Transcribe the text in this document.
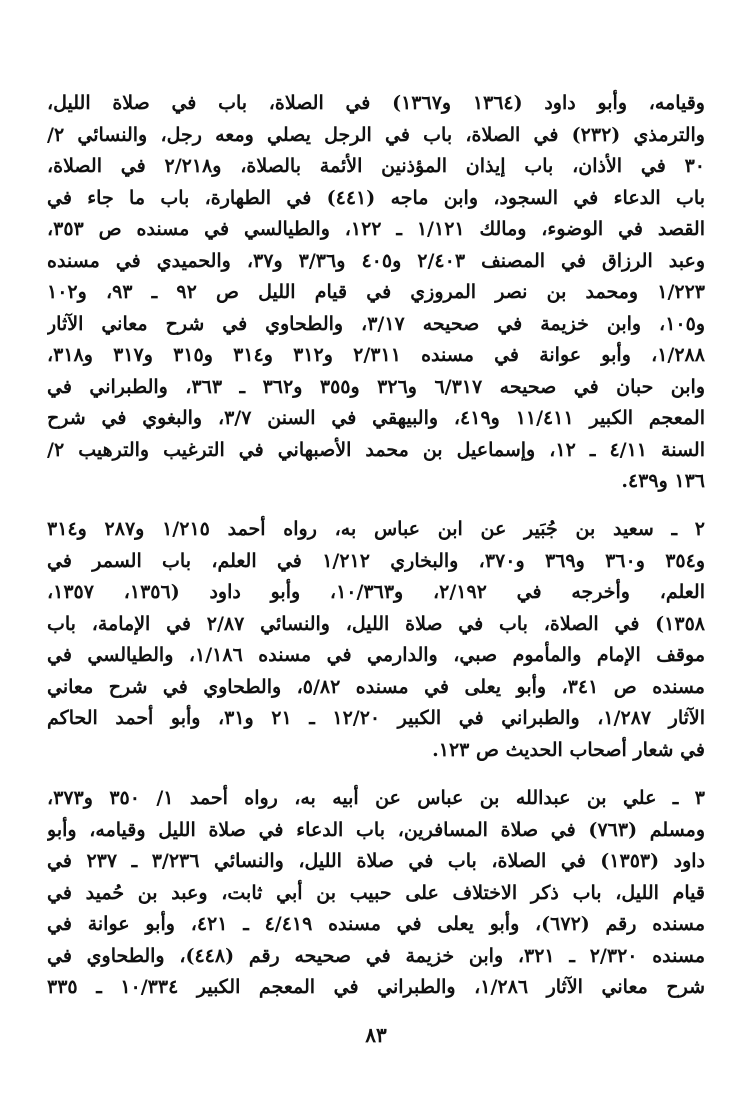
وقيامه، وأبو داود (١٣٦٤ و١٣٦٧) في الصلاة، باب في صلاة الليل،
والترمذي (٢٣٢) في الصلاة، باب في الرجل يصلي ومعه رجل، والنسائي ٢/
٣٠ في الأذان، باب إيذان المؤذنين الأئمة بالصلاة، و٢/٢١٨ في الصلاة،
باب الدعاء في السجود، وابن ماجه (٤٤١) في الطهارة، باب ما جاء في
القصد في الوضوء، ومالك ١/١٢١ ـ ١٢٢، والطيالسي في مسنده ص ٣٥٣،
وعبد الرزاق في المصنف ٢/٤٠٣ و٤٠٥ و٣/٣٦ و٣٧، والحميدي في مسنده
١/٢٢٣ ومحمد بن نصر المروزي في قيام الليل ص ٩٢ ـ ٩٣، و١٠٢
و١٠٥، وابن خزيمة في صحيحه ٣/١٧، والطحاوي في شرح معاني الآثار
١/٢٨٨، وأبو عوانة في مسنده ٢/٣١١ و٣١٢ و٣١٤ و٣١٥ و٣١٧ و٣١٨،
وابن حبان في صحيحه ٦/٣١٧ و٣٢٦ و٣٥٥ و٣٦٢ ـ ٣٦٣، والطبراني في
المعجم الكبير ١١/٤١١ و٤١٩، والبيهقي في السنن ٣/٧، والبغوي في شرح
السنة ٤/١١ ـ ١٢، وإسماعيل بن محمد الأصبهاني في الترغيب والترهيب ٢/
١٣٦ و٤٣٩.
٢ ـ سعيد بن جُبَير عن ابن عباس به، رواه أحمد ١/٢١٥ و٢٨٧ و٣١٤
و٣٥٤ و٣٦٠ و٣٦٩ و٣٧٠، والبخاري ١/٢١٢ في العلم، باب السمر في
العلم، وأخرجه في ٢/١٩٢، و١٠/٣٦٣، وأبو داود (١٣٥٦، ١٣٥٧،
١٣٥٨) في الصلاة، باب في صلاة الليل، والنسائي ٢/٨٧ في الإمامة، باب
موقف الإمام والمأموم صبي، والدارمي في مسنده ١/١٨٦، والطيالسي في
مسنده ص ٣٤١، وأبو يعلى في مسنده ٥/٨٢، والطحاوي في شرح معاني
الآثار ١/٢٨٧، والطبراني في الكبير ١٢/٢٠ ـ ٢١ و٣١، وأبو أحمد الحاكم
في شعار أصحاب الحديث ص ١٢٣.
٣ ـ علي بن عبدالله بن عباس عن أبيه به، رواه أحمد ١/ ٣٥٠ و٣٧٣،
ومسلم (٧٦٣) في صلاة المسافرين، باب الدعاء في صلاة الليل وقيامه، وأبو
داود (١٣٥٣) في الصلاة، باب في صلاة الليل، والنسائي ٣/٢٣٦ ـ ٢٣٧ في
قيام الليل، باب ذكر الاختلاف على حبيب بن أبي ثابت، وعبد بن حُميد في
مسنده رقم (٦٧٢)، وأبو يعلى في مسنده ٤/٤١٩ ـ ٤٢١، وأبو عوانة في
مسنده ٢/٣٢٠ ـ ٣٢١، وابن خزيمة في صحيحه رقم (٤٤٨)، والطحاوي في
شرح معاني الآثار ١/٢٨٦، والطبراني في المعجم الكبير ١٠/٣٣٤ ـ ٣٣٥
٨٣
